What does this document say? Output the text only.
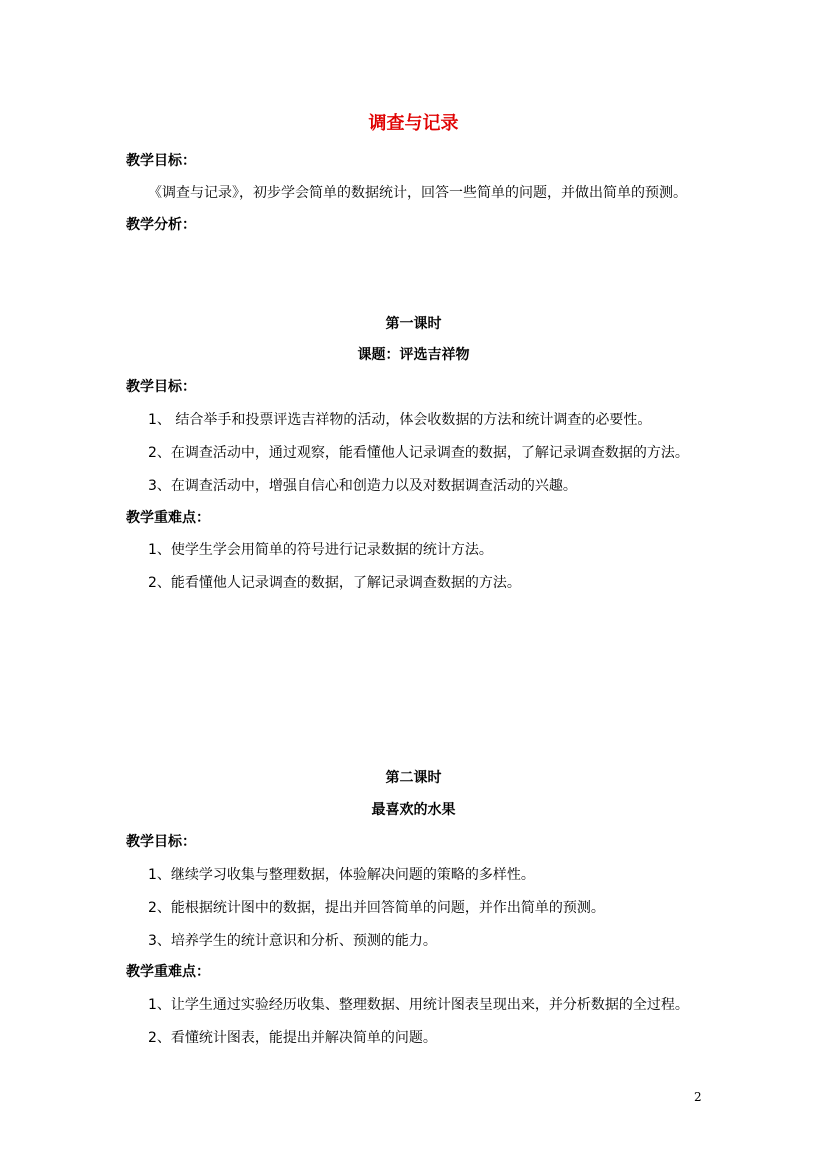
调查与记录
教学目标：
《调查与记录》，初步学会简单的数据统计，回答一些简单的问题，并做出简单的预测。
教学分析：
第一课时
课题：评选吉祥物
教学目标：
1、 结合举手和投票评选吉祥物的活动，体会收数据的方法和统计调查的必要性。
2、在调查活动中，通过观察，能看懂他人记录调查的数据，了解记录调查数据的方法。
3、在调查活动中，增强自信心和创造力以及对数据调查活动的兴趣。
教学重难点：
1、使学生学会用简单的符号进行记录数据的统计方法。
2、能看懂他人记录调查的数据，了解记录调查数据的方法。
第二课时
最喜欢的水果
教学目标：
1、继续学习收集与整理数据，体验解决问题的策略的多样性。
2、能根据统计图中的数据，提出并回答简单的问题，并作出简单的预测。
3、培养学生的统计意识和分析、预测的能力。
教学重难点：
1、让学生通过实验经历收集、整理数据、用统计图表呈现出来，并分析数据的全过程。
2、看懂统计图表，能提出并解决简单的问题。
2
